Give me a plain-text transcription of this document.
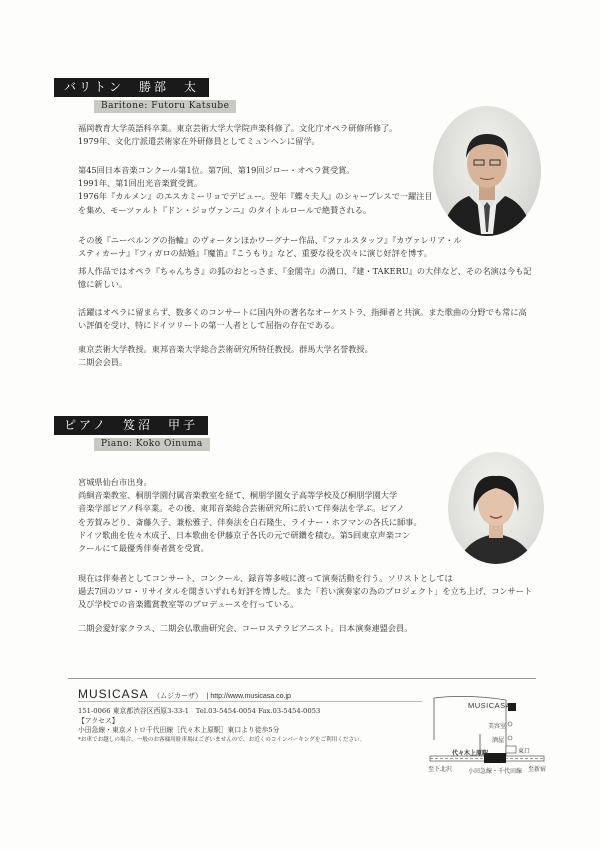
バリトン　勝部　太
Baritone: Futoru Katsube
福岡教育大学英語科卒業。東京芸術大学大学院声楽科修了。文化庁オペラ研修所修了。
1979年、文化庁派遣芸術家在外研修員としてミュンヘンに留学。
第45回日本音楽コンクール第1位。第7回、第19回ジロー・オペラ賞受賞。
1991年、第1回出光音楽賞受賞。
1976年『カルメン』のエスカミーリョでデビュー。翌年『蝶々夫人』のシャープレスで一躍注目
を集め、モーツァルト『ドン・ジョヴァンニ』のタイトルロールで絶賛される。
その後『ニーベルングの指輪』のヴォータンほかワーグナー作品、『ファルスタッフ』『カヴァレリア・ル
スティカーナ』『フィガロの結婚』『魔笛』『こうもり』など、重要な役を次々に演じ好評を博す。
邦人作品ではオペラ『ちゃんちき』の狐のおとっさま、『金閣寺』の溝口、『建・TAKERU』の大伴など、その名演は今も記
憶に新しい。
活躍はオペラに留まらず、数多くのコンサートに国内外の著名なオーケストラ、指揮者と共演。また歌曲の分野でも常に高
い評価を受け、特にドイツリートの第一人者として屈指の存在である。
東京芸術大学教授。東邦音楽大学総合芸術研究所特任教授。群馬大学名誉教授。
二期会会員。
ピアノ　笈沼　甲子
Piano: Koko Oinuma
宮城県仙台市出身。
尚絅音楽教室、桐朋学園付属音楽教室を経て、桐朋学園女子高等学校及び桐朋学園大学
音楽学部ピアノ科卒業。その後、東邦音楽総合芸術研究所に於いて伴奏法を学ぶ。ピアノ
を芳賀みどり、斎藤久子、兼松雅子、伴奏法を白石隆生、ライナー・ホフマンの各氏に師事。
ドイツ歌曲を佐々木成子、日本歌曲を伊藤京子各氏の元で研鑽を積む。第5回東京声楽コン
クールにて最優秀伴奏者賞を受賞。
現在は伴奏者としてコンサート、コンクール、録音等多岐に渡って演奏活動を行う。ソリストとしては
過去7回のソロ・リサイタルを開きいずれも好評を博した。また「若い演奏家の為のプロジェクト」を立ち上げ、コンサート
及び学校での音楽鑑賞教室等のプロデュースを行っている。
二期会愛好家クラス、二期会仏歌曲研究会、コーロステラピアニスト。日本演奏連盟会員。
MUSICASA （ムジカーザ） | http://www.musicasa.co.jp
151-0066 東京都渋谷区西原3-33-1　Tel.03-5454-0054 Fax.03-5454-0053
【アクセス】
小田急線・東京メトロ千代田線［代々木上原駅］東口より徒歩5分
*お車でお越しの場合、一般のお客様用駐車場はございませんので、お近くのコインパーキングをご利用ください。
MUSICASA
美容室
酒屋
東口
代々木上原駅
至下北沢	至新宿
小田急線・千代田線
